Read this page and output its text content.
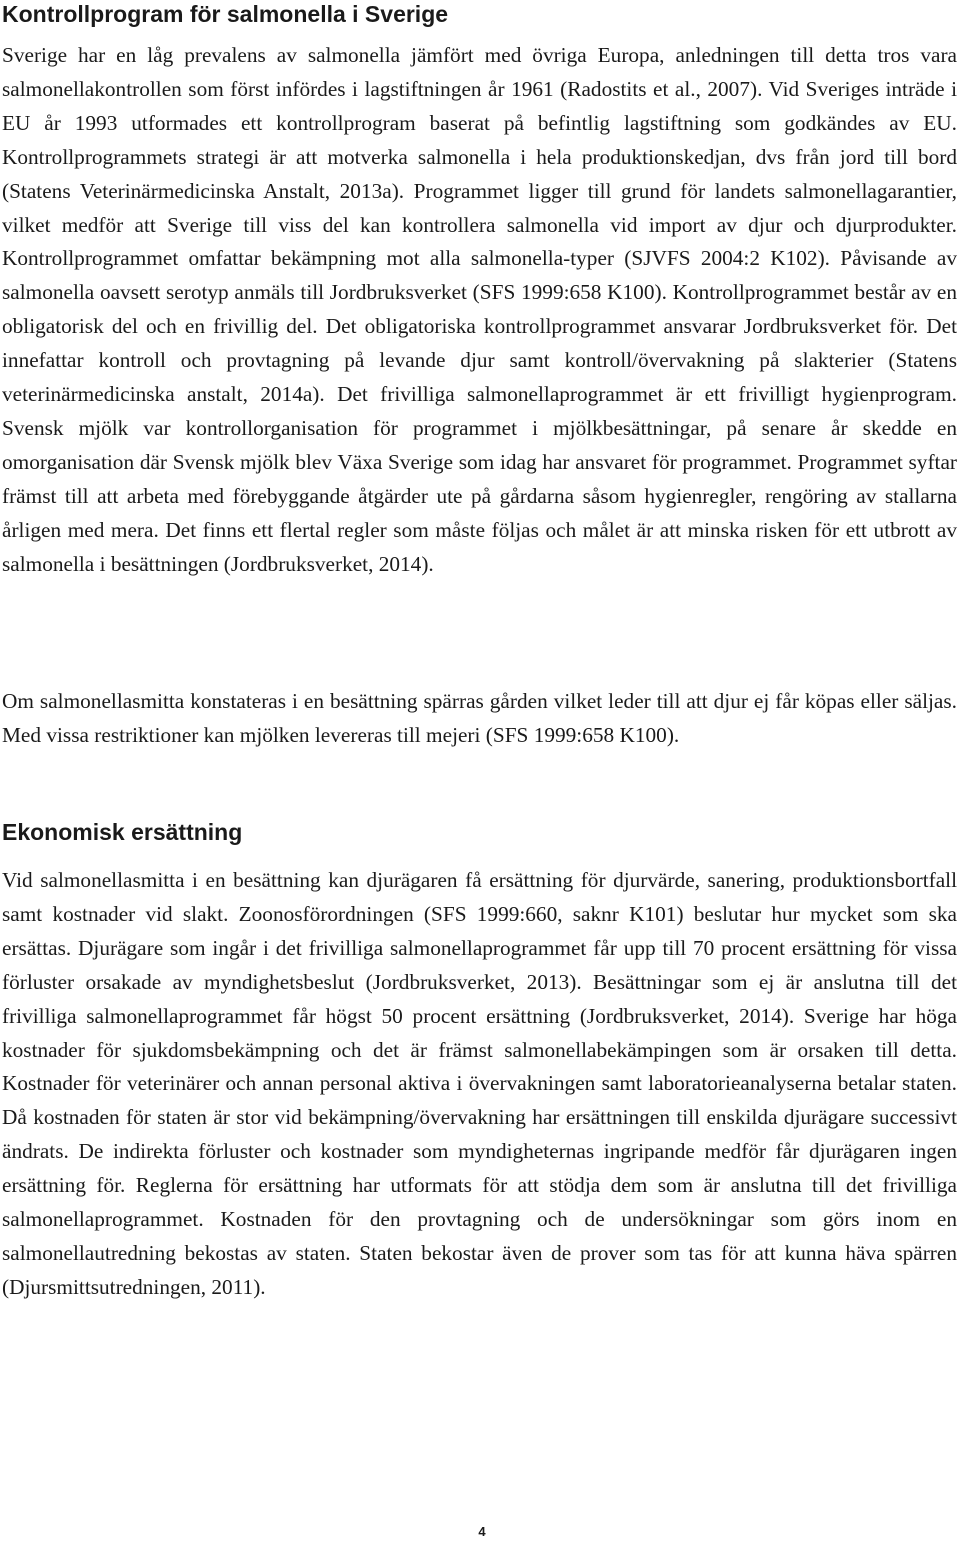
Kontrollprogram för salmonella i Sverige

Sverige har en låg prevalens av salmonella jämfört med övriga Europa, anledningen till detta tros vara salmonellakontrollen som först infördes i lagstiftningen år 1961 (Radostits et al., 2007). Vid Sveriges inträde i EU år 1993 utformades ett kontrollprogram baserat på befintlig lagstiftning som godkändes av EU. Kontrollprogrammets strategi är att motverka salmonella i hela produktionskedjan, dvs från jord till bord (Statens Veterinärmedicinska Anstalt, 2013a). Programmet ligger till grund för landets salmonellagarantier, vilket medför att Sverige till viss del kan kontrollera salmonella vid import av djur och djurprodukter. Kontrollprogrammet omfattar bekämpning mot alla salmonella-typer (SJVFS 2004:2 K102). Påvisande av salmonella oavsett serotyp anmäls till Jordbruksverket (SFS 1999:658 K100). Kontrollprogrammet består av en obligatorisk del och en frivillig del. Det obligatoriska kontrollprogrammet ansvarar Jordbruksverket för. Det innefattar kontroll och provtagning på levande djur samt kontroll/övervakning på slakterier (Statens veterinärmedicinska anstalt, 2014a). Det frivilliga salmonellaprogrammet är ett frivilligt hygienprogram. Svensk mjölk var kontrollorganisation för programmet i mjölkbesättningar, på senare år skedde en omorganisation där Svensk mjölk blev Växa Sverige som idag har ansvaret för programmet. Programmet syftar främst till att arbeta med förebyggande åtgärder ute på gårdarna såsom hygienregler, rengöring av stallarna årligen med mera. Det finns ett flertal regler som måste följas och målet är att minska risken för ett utbrott av salmonella i besättningen (Jordbruksverket, 2014).

Om salmonellasmitta konstateras i en besättning spärras gården vilket leder till att djur ej får köpas eller säljas. Med vissa restriktioner kan mjölken levereras till mejeri (SFS 1999:658 K100).

Ekonomisk ersättning

Vid salmonellasmitta i en besättning kan djurägaren få ersättning för djurvärde, sanering, produktionsbortfall samt kostnader vid slakt. Zoonosförordningen (SFS 1999:660, saknr K101) beslutar hur mycket som ska ersättas. Djurägare som ingår i det frivilliga salmonellaprogrammet får upp till 70 procent ersättning för vissa förluster orsakade av myndighetsbeslut (Jordbruksverket, 2013). Besättningar som ej är anslutna till det frivilliga salmonellaprogrammet får högst 50 procent ersättning (Jordbruksverket, 2014). Sverige har höga kostnader för sjukdomsbekämpning och det är främst salmonellabekämpingen som är orsaken till detta. Kostnader för veterinärer och annan personal aktiva i övervakningen samt laboratorieanalyserna betalar staten. Då kostnaden för staten är stor vid bekämpning/övervakning har ersättningen till enskilda djurägare successivt ändrats. De indirekta förluster och kostnader som myndigheternas ingripande medför får djurägaren ingen ersättning för. Reglerna för ersättning har utformats för att stödja dem som är anslutna till det frivilliga salmonellaprogrammet. Kostnaden för den provtagning och de undersökningar som görs inom en salmonellautredning bekostas av staten. Staten bekostar även de prover som tas för att kunna häva spärren (Djursmittsutredningen, 2011).

4
